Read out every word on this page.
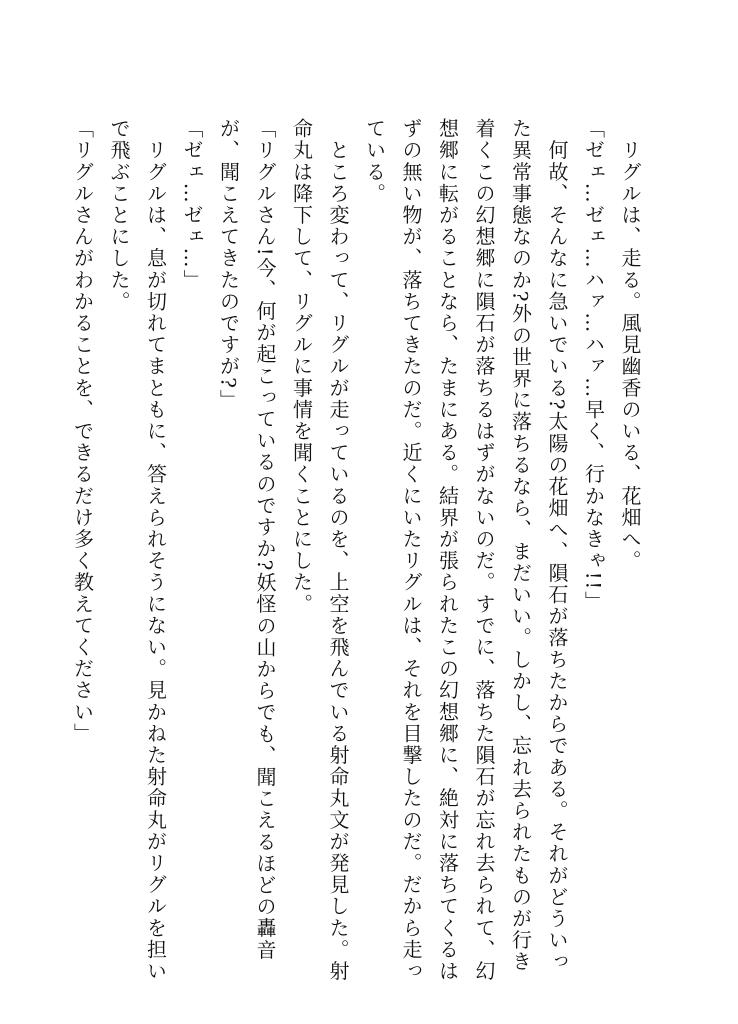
　リグルは、走る。風見幽香のいる、花畑へ。
「ゼェ…ゼェ…ハァ…ハァ…早く、行かなきゃ!!」
　何故、そんなに急いでいる?太陽の花畑へ、隕石が落ちたからである。それがどういっ
た異常事態なのか?外の世界に落ちるなら、まだいい。しかし、忘れ去られたものが行き
着くこの幻想郷に隕石が落ちるはずがないのだ。すでに、落ちた隕石が忘れ去られて、幻
想郷に転がることなら、たまにある。結界が張られたこの幻想郷に、絶対に落ちてくるは
ずの無い物が、落ちてきたのだ。近くにいたリグルは、それを目撃したのだ。だから走っ
ている。
　ところ変わって、リグルが走っているのを、上空を飛んでいる射命丸文が発見した。射
命丸は降下して、リグルに事情を聞くことにした。
「リグルさん!今、何が起こっているのですか?妖怪の山からでも、聞こえるほどの轟音
が、聞こえてきたのですが?」
「ゼェ…ゼェ…」
　リグルは、息が切れてまともに、答えられそうにない。見かねた射命丸がリグルを担い
で飛ぶことにした。
「リグルさんがわかることを、できるだけ多く教えてください」
